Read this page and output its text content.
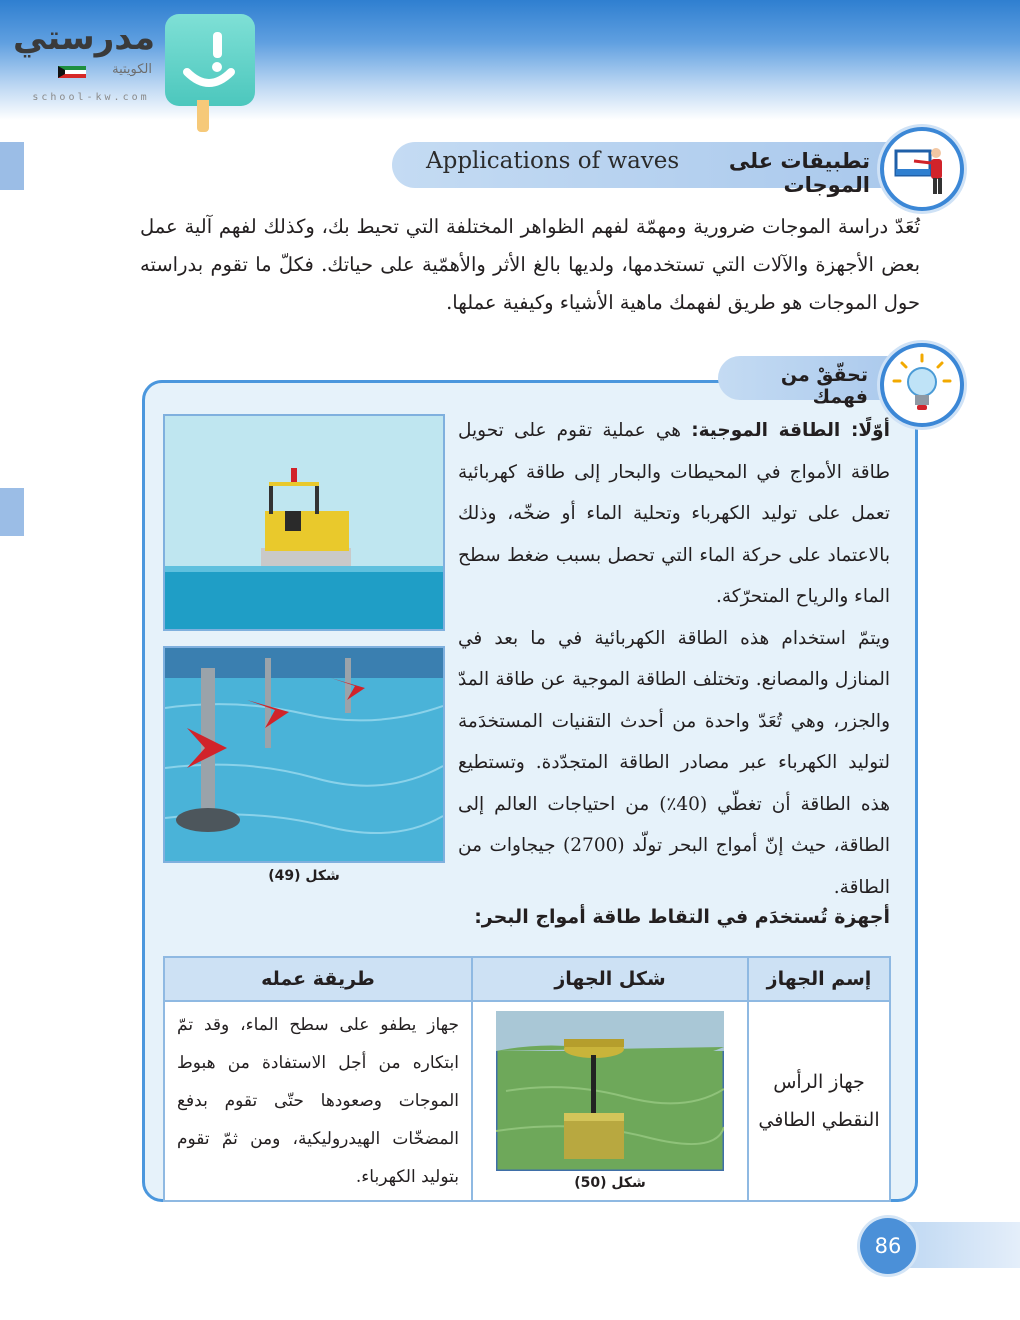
مدرستي
الكويتية
school-kw.com
Applications of waves	تطبيقات على الموجات
تُعَدّ دراسة الموجات ضرورية ومهمّة لفهم الظواهر المختلفة التي تحيط بك، وكذلك لفهم آلية عمل بعض الأجهزة والآلات التي تستخدمها، ولديها بالغ الأثر والأهمّية على حياتك. فكلّ ما تقوم بدراسته حول الموجات هو طريق لفهمك ماهية الأشياء وكيفية عملها.
تحقّقْ من فهمك
شكل (49)

أوّلًا: الطاقة الموجية: هي عملية تقوم على تحويل طاقة الأمواج في المحيطات والبحار إلى طاقة كهربائية تعمل على توليد الكهرباء وتحلية الماء أو ضخّه، وذلك بالاعتماد على حركة الماء التي تحصل بسبب ضغط سطح الماء والرياح المتحرّكة.

ويتمّ استخدام هذه الطاقة الكهربائية في ما بعد في المنازل والمصانع. وتختلف الطاقة الموجية عن طاقة المدّ والجزر، وهي تُعَدّ واحدة من أحدث التقنيات المستخدَمة لتوليد الكهرباء عبر مصادر الطاقة المتجدّدة. وتستطيع هذه الطاقة أن تغطّي (40٪) من احتياجات العالم إلى الطاقة، حيث إنّ أمواج البحر تولّد (2700) جيجاوات من الطاقة.

أجهزة تُستخدَم في التقاط طاقة أمواج البحر:
إسم الجهاز	شكل الجهاز	طريقة عمله
جهاز الرأس النقطي الطافي	شكل (50)	جهاز يطفو على سطح الماء، وقد تمّ ابتكاره من أجل الاستفادة من هبوط الموجات وصعودها حتّى تقوم بدفع المضخّات الهيدروليكية، ومن ثمّ تقوم بتوليد الكهرباء.
86
